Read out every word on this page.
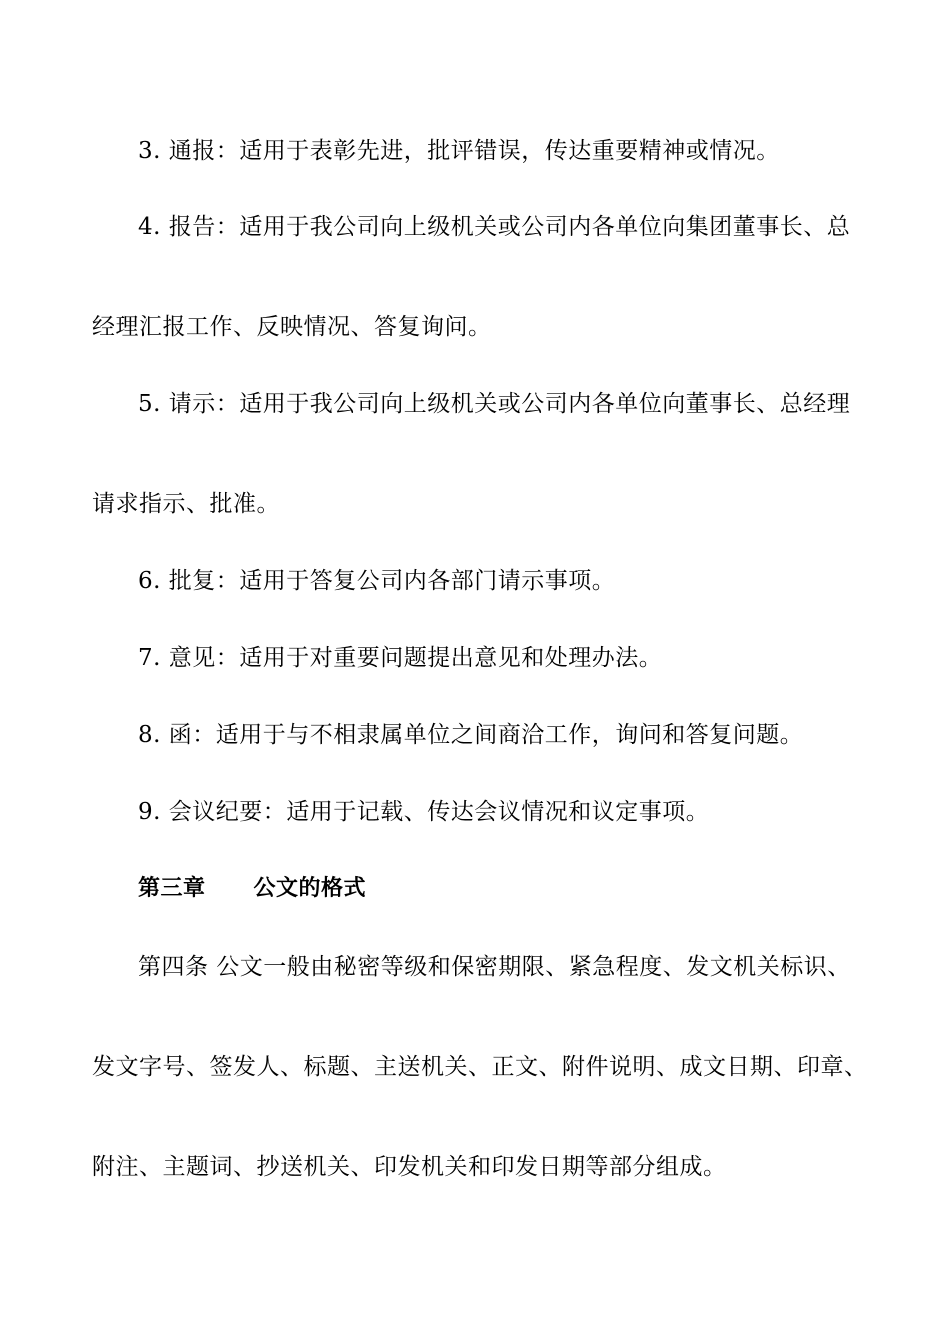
3. 通报：适用于表彰先进，批评错误，传达重要精神或情况。
4. 报告：适用于我公司向上级机关或公司内各单位向集团董事长、总
经理汇报工作、反映情况、答复询问。
5. 请示：适用于我公司向上级机关或公司内各单位向董事长、总经理
请求指示、批准。
6. 批复：适用于答复公司内各部门请示事项。
7. 意见：适用于对重要问题提出意见和处理办法。
8. 函：适用于与不相隶属单位之间商洽工作，询问和答复问题。
9. 会议纪要：适用于记载、传达会议情况和议定事项。
第三章 公文的格式
第四条 公文一般由秘密等级和保密期限、紧急程度、发文机关标识、
发文字号、签发人、标题、主送机关、正文、附件说明、成文日期、印章、
附注、主题词、抄送机关、印发机关和印发日期等部分组成。
